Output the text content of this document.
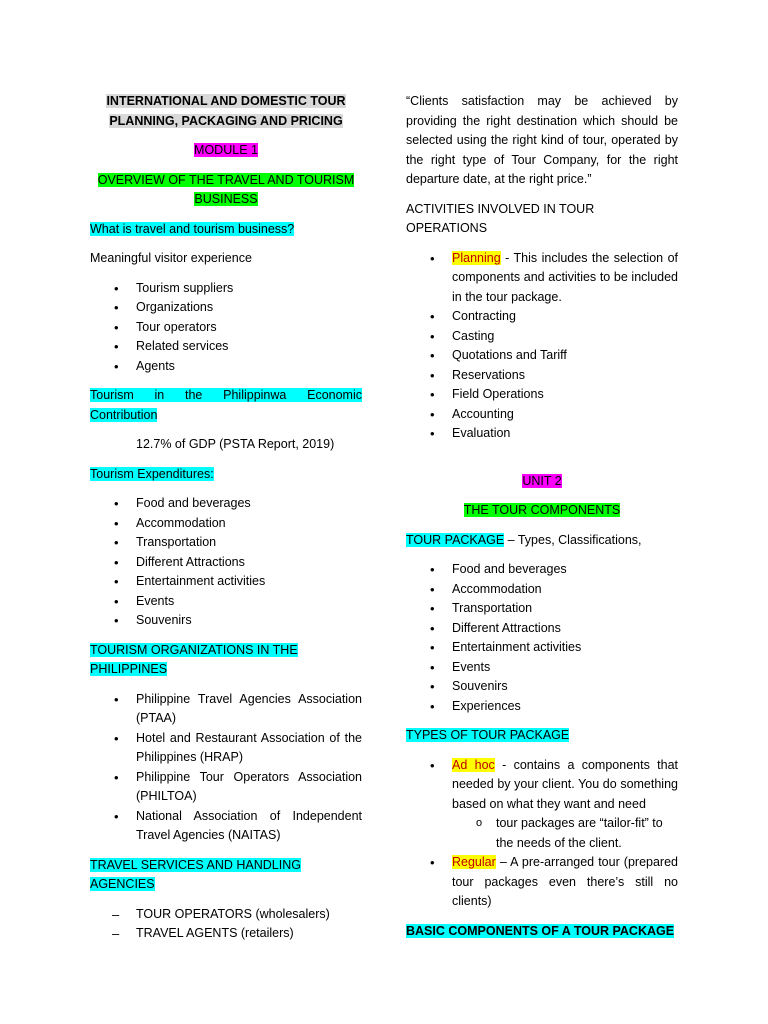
INTERNATIONAL AND DOMESTIC TOUR
PLANNING, PACKAGING AND PRICING

MODULE 1

OVERVIEW OF THE TRAVEL AND TOURISM
BUSINESS

What is travel and tourism business?

Meaningful visitor experience

• Tourism suppliers
• Organizations
• Tour operators
• Related services
• Agents

Tourism in the Philippinwa Economic Contribution

12.7% of GDP (PSTA Report, 2019)

Tourism Expenditures:

• Food and beverages
• Accommodation
• Transportation
• Different Attractions
• Entertainment activities
• Events
• Souvenirs

TOURISM ORGANIZATIONS IN THE PHILIPPINES

• Philippine Travel Agencies Association (PTAA)
• Hotel and Restaurant Association of the Philippines (HRAP)
• Philippine Tour Operators Association (PHILTOA)
• National Association of Independent Travel Agencies (NAITAS)

TRAVEL SERVICES AND HANDLING AGENCIES

– TOUR OPERATORS (wholesalers)
– TRAVEL AGENTS (retailers)

“Clients satisfaction may be achieved by providing the right destination which should be selected using the right kind of tour, operated by the right type of Tour Company, for the right departure date, at the right price.”

ACTIVITIES INVOLVED IN TOUR OPERATIONS

• Planning - This includes the selection of components and activities to be included in the tour package.
• Contracting
• Casting
• Quotations and Tariff
• Reservations
• Field Operations
• Accounting
• Evaluation

UNIT 2

THE TOUR COMPONENTS

TOUR PACKAGE – Types, Classifications,

• Food and beverages
• Accommodation
• Transportation
• Different Attractions
• Entertainment activities
• Events
• Souvenirs
• Experiences

TYPES OF TOUR PACKAGE

• Ad hoc - contains a components that needed by your client. You do something based on what they want and need
o tour packages are “tailor-fit” to the needs of the client.
• Regular – A pre-arranged tour (prepared tour packages even there’s still no clients)

BASIC COMPONENTS OF A TOUR PACKAGE
